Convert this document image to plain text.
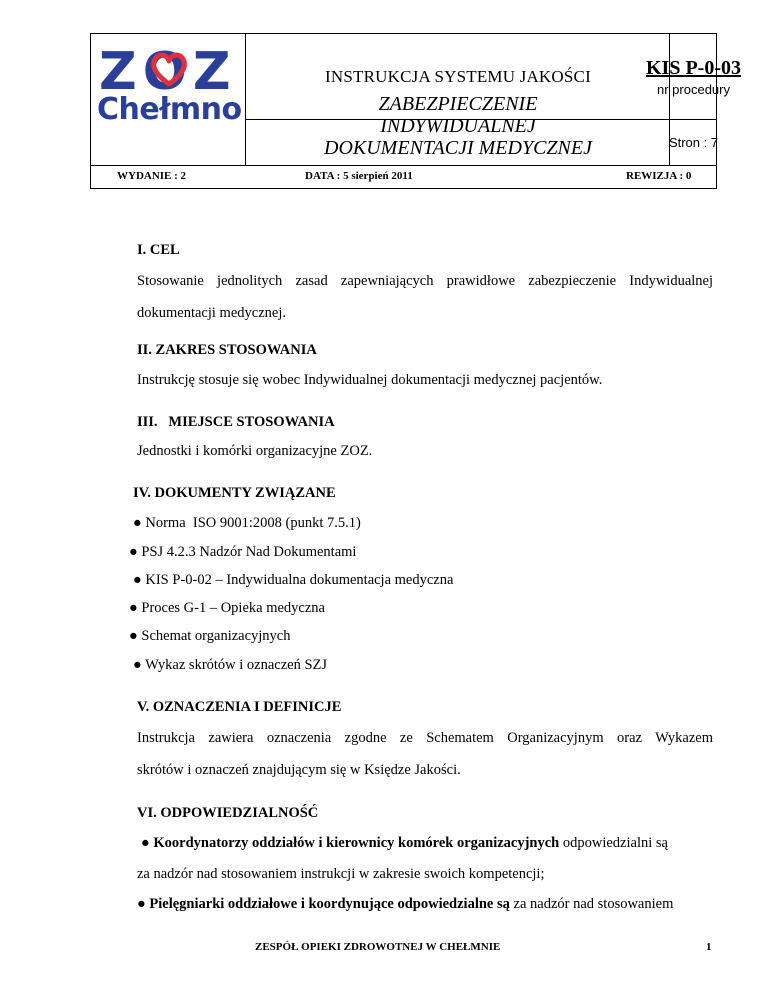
ZOZ
Chełmno
INSTRUKCJA SYSTEMU JAKOŚCI	KIS P-0-03
nr procedury
ZABEZPIECZENIE
INDYWIDUALNEJ
DOKUMENTACJI MEDYCZNEJ	Stron : 7
WYDANIE : 2	DATA : 5 sierpień 2011	REWIZJA : 0
I. CEL
Stosowanie jednolitych zasad zapewniających prawidłowe zabezpieczenie Indywidualnej
dokumentacji medycznej.
II. ZAKRES STOSOWANIA
Instrukcję stosuje się wobec Indywidualnej dokumentacji medycznej pacjentów.
III.   MIEJSCE STOSOWANIA
Jednostki i komórki organizacyjne ZOZ.
IV. DOKUMENTY ZWIĄZANE
● Norma  ISO 9001:2008 (punkt 7.5.1)
● PSJ 4.2.3 Nadzór Nad Dokumentami
● KIS P-0-02 – Indywidualna dokumentacja medyczna
● Proces G-1 – Opieka medyczna
● Schemat organizacyjnych
● Wykaz skrótów i oznaczeń SZJ
V. OZNACZENIA I DEFINICJE
Instrukcja zawiera oznaczenia zgodne ze Schematem Organizacyjnym oraz Wykazem
skrótów i oznaczeń znajdującym się w Księdze Jakości.
VI. ODPOWIEDZIALNOŚĆ
● Koordynatorzy oddziałów i kierownicy komórek organizacyjnych odpowiedzialni są
za nadzór nad stosowaniem instrukcji w zakresie swoich kompetencji;
● Pielęgniarki oddziałowe i koordynujące odpowiedzialne są za nadzór nad stosowaniem
ZESPÓŁ OPIEKI ZDROWOTNEJ W CHEŁMNIE	1
